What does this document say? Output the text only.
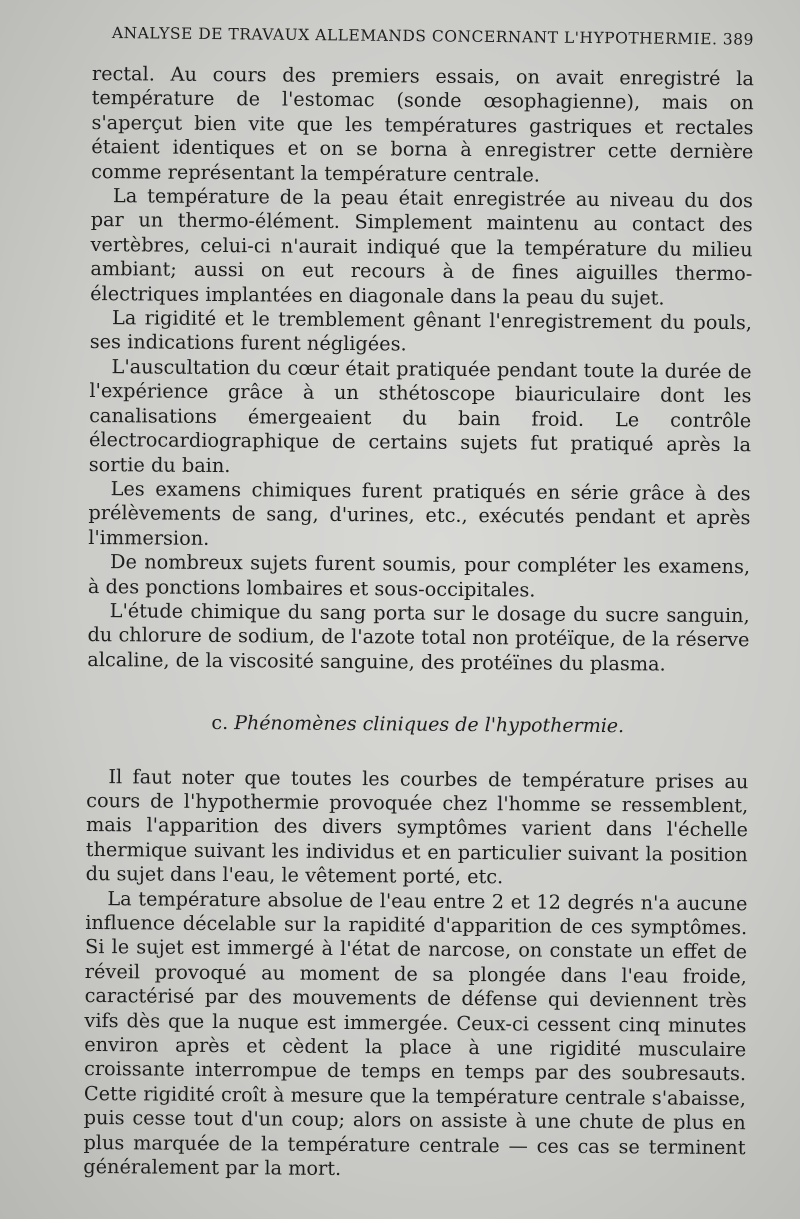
ANALYSE DE TRAVAUX ALLEMANDS CONCERNANT L'HYPOTHERMIE. 389

rectal. Au cours des premiers essais, on avait enregistré la température de l'estomac (sonde œsophagienne), mais on s'aperçut bien vite que les températures gastriques et rectales étaient identiques et on se borna à enregistrer cette dernière comme représentant la température centrale.

La température de la peau était enregistrée au niveau du dos par un thermo-élément. Simplement maintenu au contact des vertèbres, celui-ci n'aurait indiqué que la température du milieu ambiant; aussi on eut recours à de fines aiguilles thermo-électriques implantées en diagonale dans la peau du sujet.

La rigidité et le tremblement gênant l'enregistrement du pouls, ses indications furent négligées.

L'auscultation du cœur était pratiquée pendant toute la durée de l'expérience grâce à un sthétoscope biauriculaire dont les canalisations émergeaient du bain froid. Le contrôle électrocardiographique de certains sujets fut pratiqué après la sortie du bain.

Les examens chimiques furent pratiqués en série grâce à des prélèvements de sang, d'urines, etc., exécutés pendant et après l'immersion.

De nombreux sujets furent soumis, pour compléter les examens, à des ponctions lombaires et sous-occipitales.

L'étude chimique du sang porta sur le dosage du sucre sanguin, du chlorure de sodium, de l'azote total non protéïque, de la réserve alcaline, de la viscosité sanguine, des protéïnes du plasma.

c. Phénomènes cliniques de l'hypothermie.

Il faut noter que toutes les courbes de température prises au cours de l'hypothermie provoquée chez l'homme se ressemblent, mais l'apparition des divers symptômes varient dans l'échelle thermique suivant les individus et en particulier suivant la position du sujet dans l'eau, le vêtement porté, etc.

La température absolue de l'eau entre 2 et 12 degrés n'a aucune influence décelable sur la rapidité d'apparition de ces symptômes. Si le sujet est immergé à l'état de narcose, on constate un effet de réveil provoqué au moment de sa plongée dans l'eau froide, caractérisé par des mouvements de défense qui deviennent très vifs dès que la nuque est immergée. Ceux-ci cessent cinq minutes environ après et cèdent la place à une rigidité musculaire croissante interrompue de temps en temps par des soubresauts. Cette rigidité croît à mesure que la température centrale s'abaisse, puis cesse tout d'un coup; alors on assiste à une chute de plus en plus marquée de la température centrale — ces cas se terminent généralement par la mort.
